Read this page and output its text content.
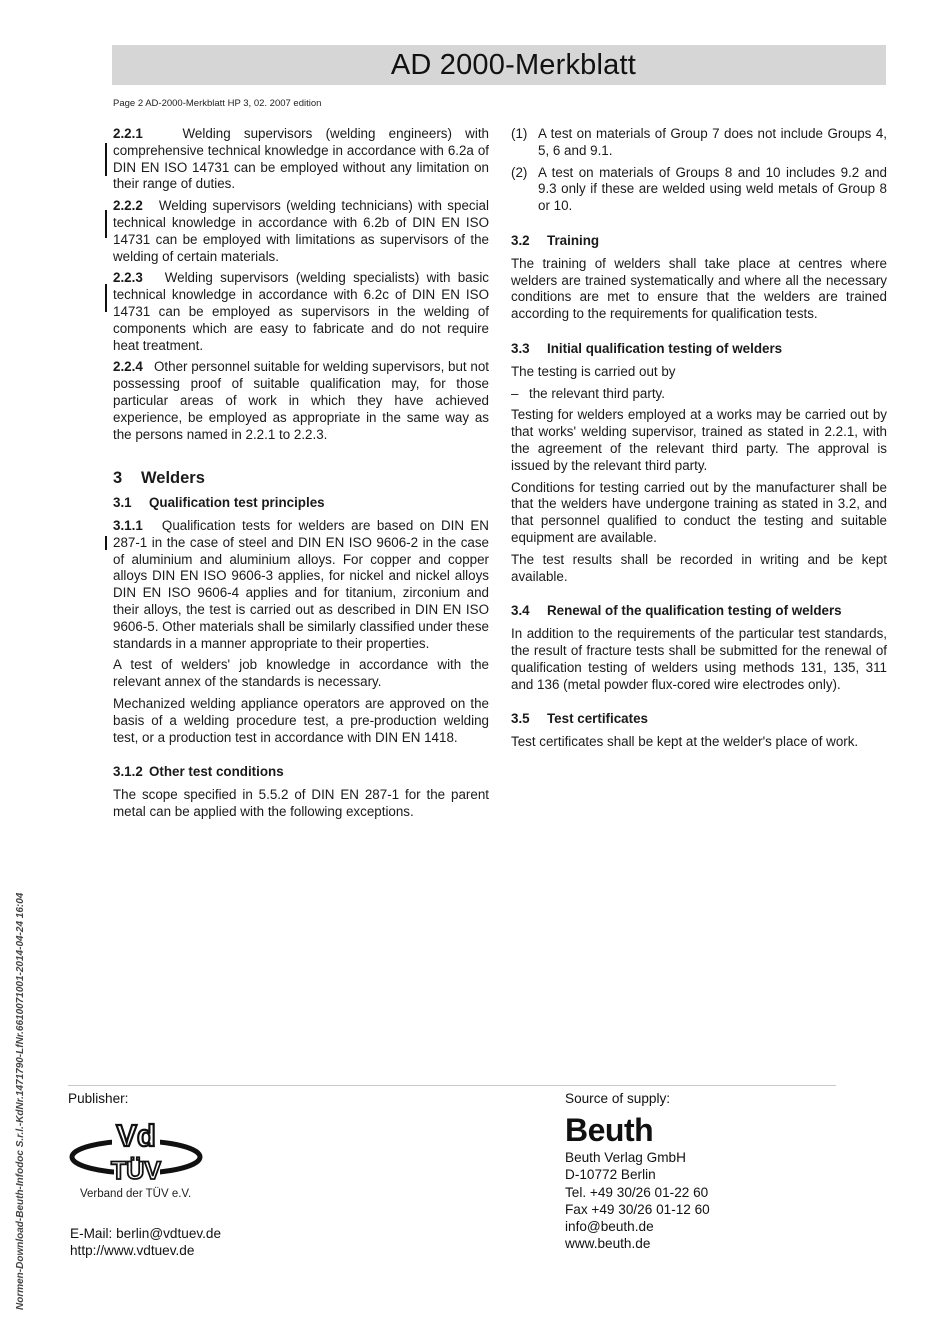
AD 2000-Merkblatt
Page 2 AD-2000-Merkblatt HP 3, 02. 2007 edition

2.2.1	Welding supervisors (welding engineers) with comprehensive technical knowledge in accordance with 6.2a of DIN EN ISO 14731 can be employed without any limitation on their range of duties.

2.2.2 Welding supervisors (welding technicians) with special technical knowledge in accordance with 6.2b of DIN EN ISO 14731 can be employed with limitations as supervisors of the welding of certain materials.

2.2.3 Welding supervisors (welding specialists) with basic technical knowledge in accordance with 6.2c of DIN EN ISO 14731 can be employed as supervisors in the welding of components which are easy to fabricate and do not require heat treatment.

2.2.4 Other personnel suitable for welding supervisors, but not possessing proof of suitable qualification may, for those particular areas of work in which they have achieved experience, be employed as appropriate in the same way as the persons named in 2.2.1 to 2.2.3.

3 Welders
3.1 Qualification test principles

3.1.1 Qualification tests for welders are based on DIN EN 287-1 in the case of steel and DIN EN ISO 9606-2 in the case of aluminium and aluminium alloys. For copper and copper alloys DIN EN ISO 9606-3 applies, for nickel and nickel alloys DIN EN ISO 9606-4 applies and for titanium, zirconium and their alloys, the test is carried out as described in DIN EN ISO 9606-5. Other materials shall be similarly classified under these standards in a manner appropriate to their properties.

A test of welders' job knowledge in accordance with the relevant annex of the standards is necessary.

Mechanized welding appliance operators are approved on the basis of a welding procedure test, a pre-production welding test, or a production test in accordance with DIN EN 1418.

3.1.2 Other test conditions

The scope specified in 5.5.2 of DIN EN 287-1 for the parent metal can be applied with the following exceptions.

(1) A test on materials of Group 7 does not include Groups 4, 5, 6 and 9.1.
(2) A test on materials of Groups 8 and 10 includes 9.2 and 9.3 only if these are welded using weld metals of Group 8 or 10.
3.2 Training

The training of welders shall take place at centres where welders are trained systematically and where all the necessary conditions are met to ensure that the welders are trained according to the requirements for qualification tests.

3.3 Initial qualification testing of welders

The testing is carried out by

– the relevant third party.

Testing for welders employed at a works may be carried out by that works' welding supervisor, trained as stated in 2.2.1, with the agreement of the relevant third party. The approval is issued by the relevant third party.

Conditions for testing carried out by the manufacturer shall be that the welders have undergone training as stated in 3.2, and that personnel qualified to conduct the testing and suitable equipment are available.

The test results shall be recorded in writing and be kept available.

3.4 Renewal of the qualification testing of welders

In addition to the requirements of the particular test standards, the result of fracture tests shall be submitted for the renewal of qualification testing of welders using methods 131, 135, 311 and 136 (metal powder flux-cored wire electrodes only).

3.5 Test certificates

Test certificates shall be kept at the welder's place of work.

Normen-Download-Beuth-Infodoc S.r.l.-KdNr.1471790-LfNr.6610071001-2014-04-24 16:04	Publisher:
Vd
TÜV
Verband der TÜV e.V.
E-Mail: berlin@vdtuev.de
http://www.vdtuev.de
Source of supply:
Beuth
Beuth Verlag GmbH
D-10772 Berlin
Tel. +49 30/26 01-22 60
Fax +49 30/26 01-12 60
info@beuth.de
www.beuth.de
